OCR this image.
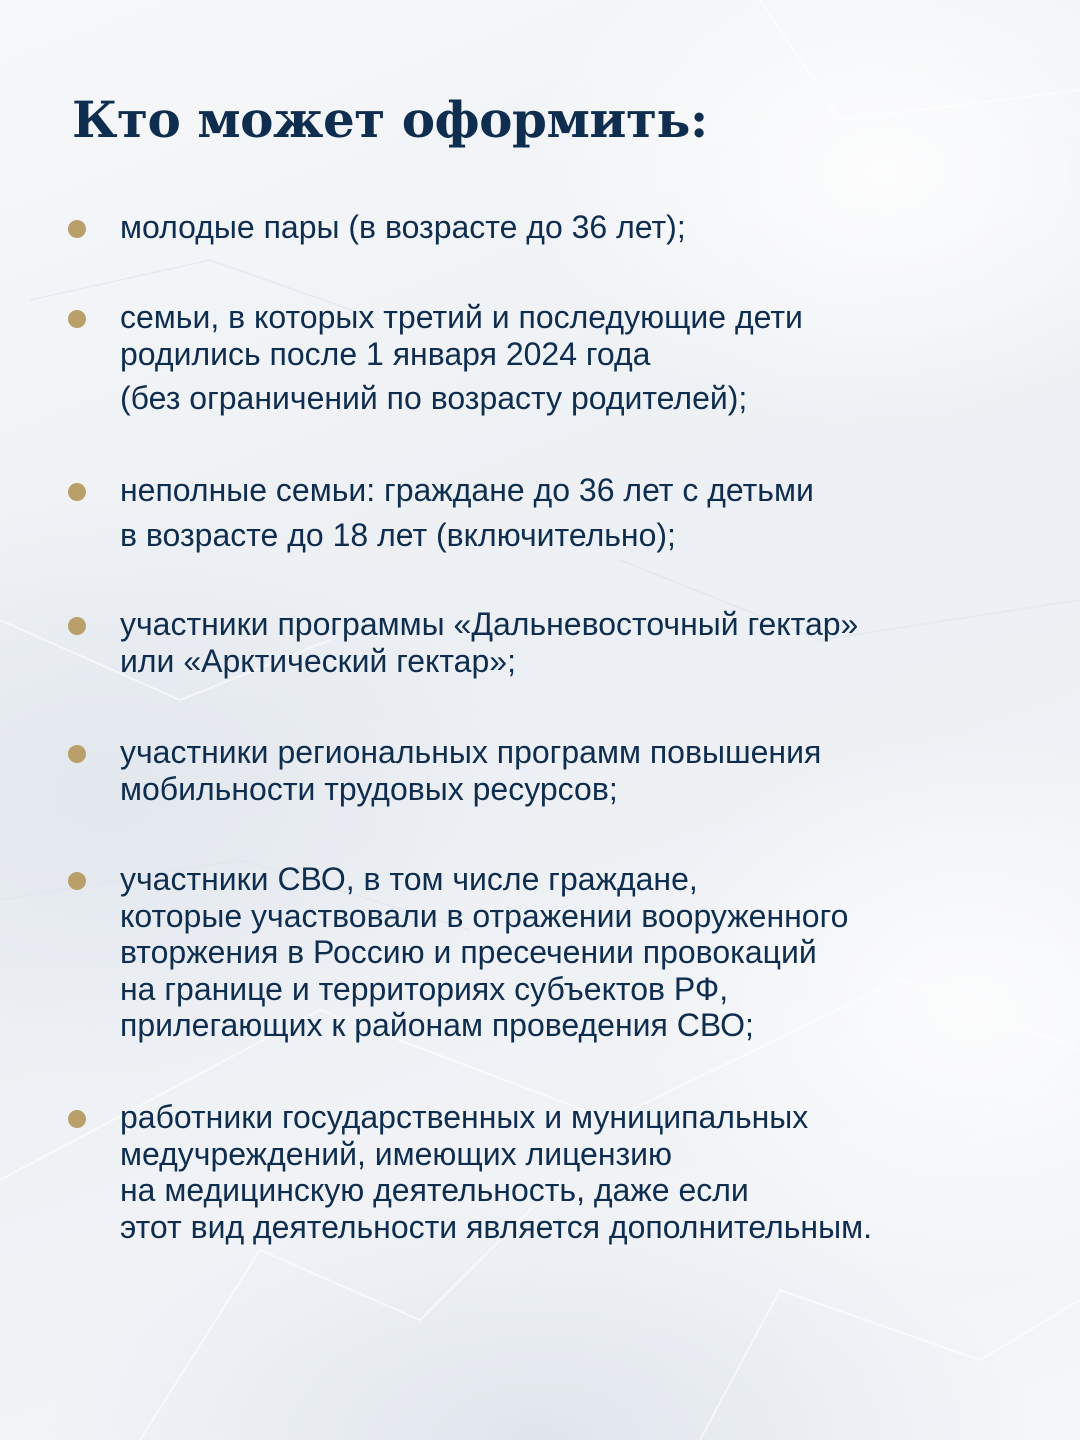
Кто может оформить:
молодые пары (в возрасте до 36 лет);
семьи, в которых третий и последующие дети
родились после 1 января 2024 года
(без ограничений по возрасту родителей);
неполные семьи: граждане до 36 лет с детьми
в возрасте до 18 лет (включительно);
участники программы «Дальневосточный гектар»
или «Арктический гектар»;
участники региональных программ повышения
мобильности трудовых ресурсов;
участники СВО, в том числе граждане,
которые участвовали в отражении вооруженного
вторжения в Россию и пресечении провокаций
на границе и территориях субъектов РФ,
прилегающих к районам проведения СВО;
работники государственных и муниципальных
медучреждений, имеющих лицензию
на медицинскую деятельность, даже если
этот вид деятельности является дополнительным.
